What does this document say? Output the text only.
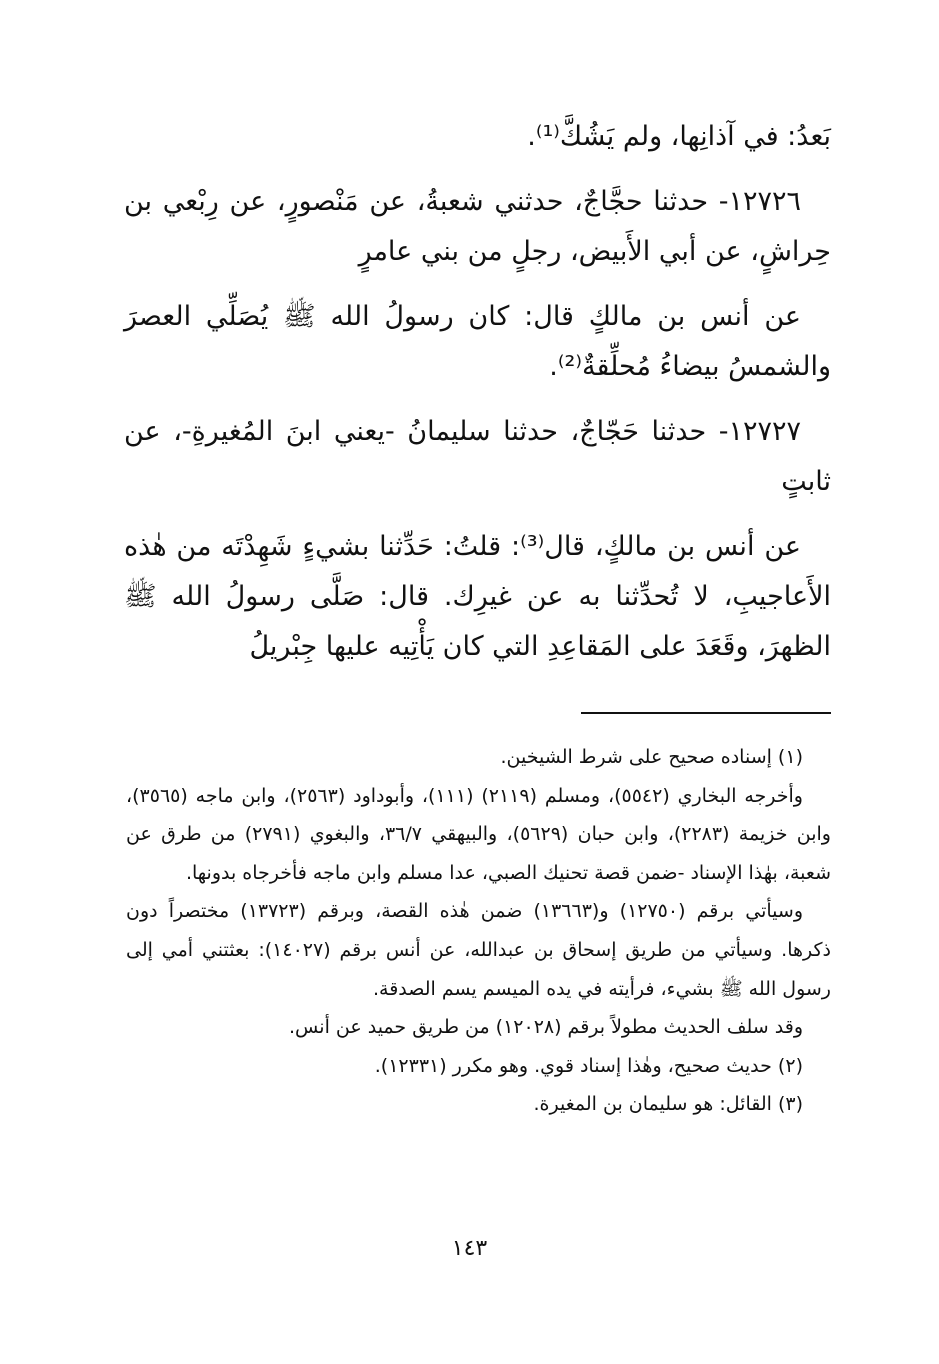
بَعدُ: في آذانِها، ولم يَشُكَّ⁽¹⁾.

١٢٧٢٦- حدثنا حجَّاجٌ، حدثني شعبةُ، عن مَنْصورٍ، عن رِبْعي بن حِراشٍ، عن أبي الأَبيض، رجلٍ من بني عامرٍ

عن أنس بن مالكٍ قال: كان رسولُ الله ﷺ يُصَلِّي العصرَ والشمسُ بيضاءُ مُحلِّقةٌ⁽²⁾.

١٢٧٢٧- حدثنا حَجّاجٌ، حدثنا سليمانُ -يعني ابنَ المُغيرةِ-، عن ثابتٍ

عن أنس بن مالكٍ، قال⁽³⁾: قلتُ: حَدِّثنا بشيءٍ شَهِدْتَه من هٰذه الأَعاجيبِ، لا تُحدِّثنا به عن غيرِك. قال: صَلَّى رسولُ الله ﷺ الظهرَ، وقَعَدَ على المَقاعِدِ التي كان يَأْتِيه عليها جِبْريلُ

(١) إسناده صحيح على شرط الشيخين.

وأخرجه البخاري (٥٥٤٢)، ومسلم (٢١١٩) (١١١)، وأبوداود (٢٥٦٣)، وابن ماجه (٣٥٦٥)، وابن خزيمة (٢٢٨٣)، وابن حبان (٥٦٢٩)، والبيهقي ٣٦/٧، والبغوي (٢٧٩١) من طرق عن شعبة، بهٰذا الإسناد -ضمن قصة تحنيك الصبي، عدا مسلم وابن ماجه فأخرجاه بدونها.

وسيأتي برقم (١٢٧٥٠) و(١٣٦٦٣) ضمن هٰذه القصة، وبرقم (١٣٧٢٣) مختصراً دون ذكرها. وسيأتي من طريق إسحاق بن عبدالله، عن أنس برقم (١٤٠٢٧): بعثتني أمي إلى رسول الله ﷺ بشيء، فرأيته في يده الميسم يسم الصدقة.

وقد سلف الحديث مطولاً برقم (١٢٠٢٨) من طريق حميد عن أنس.

(٢) حديث صحيح، وهٰذا إسناد قوي. وهو مكرر (١٢٣٣١).

(٣) القائل: هو سليمان بن المغيرة.

١٤٣
